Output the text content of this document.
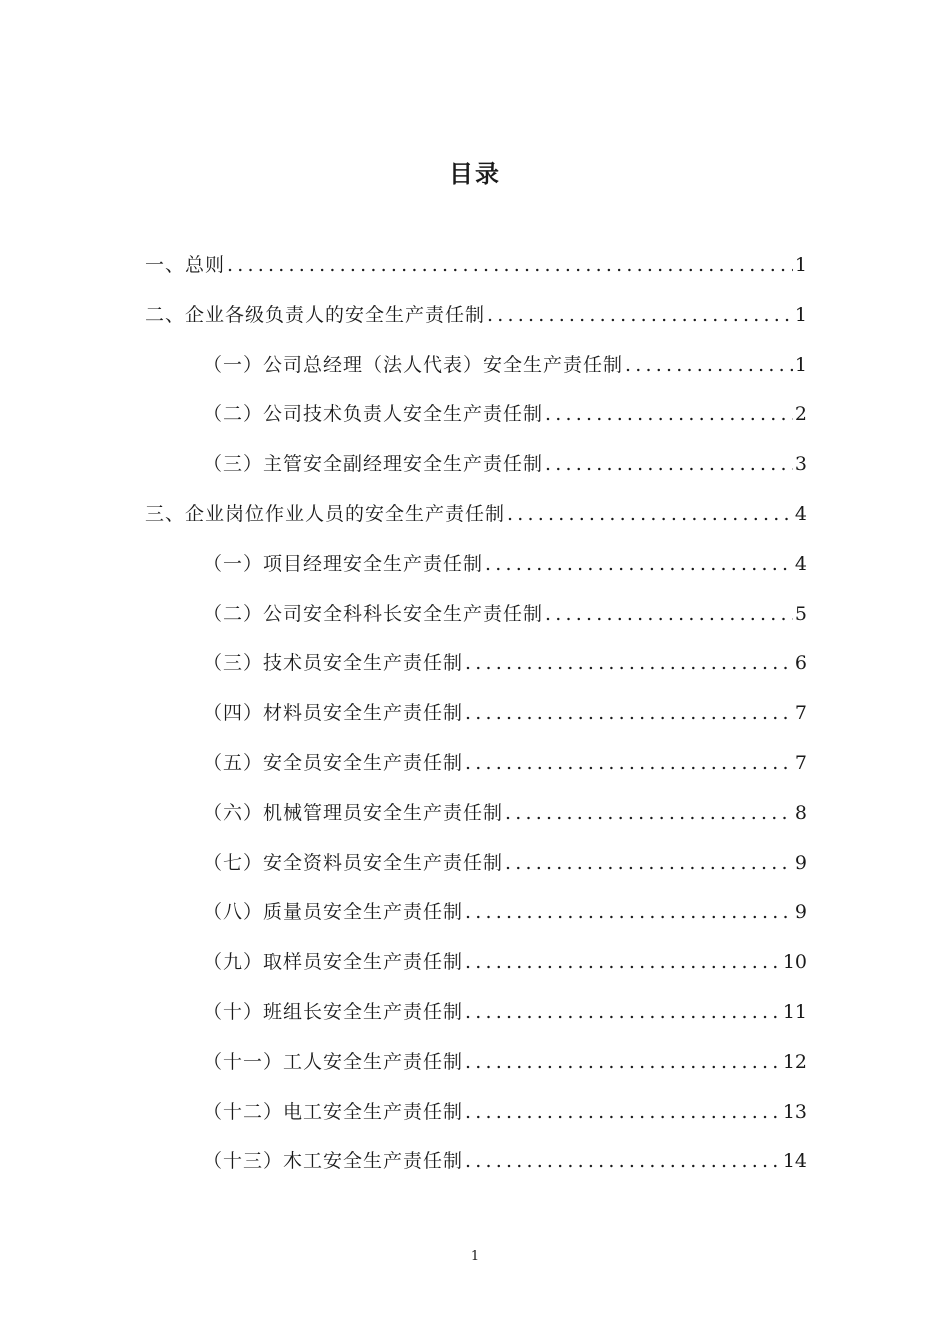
目录
一、总则 .....	1
二、企业各级负责人的安全生产责任制 .....	1
（一）公司总经理（法人代表）安全生产责任制 .....	1
（二）公司技术负责人安全生产责任制 .....	2
（三）主管安全副经理安全生产责任制 .....	3
三、企业岗位作业人员的安全生产责任制 .....	4
（一）项目经理安全生产责任制 .....	4
（二）公司安全科科长安全生产责任制 .....	5
（三）技术员安全生产责任制 .....	6
（四）材料员安全生产责任制 .....	7
（五）安全员安全生产责任制 .....	7
（六）机械管理员安全生产责任制 .....	8
（七）安全资料员安全生产责任制 .....	9
（八）质量员安全生产责任制 .....	9
（九）取样员安全生产责任制 .....	10
（十）班组长安全生产责任制 .....	11
（十一）工人安全生产责任制 .....	12
（十二）电工安全生产责任制 .....	13
（十三）木工安全生产责任制 .....	14
1
